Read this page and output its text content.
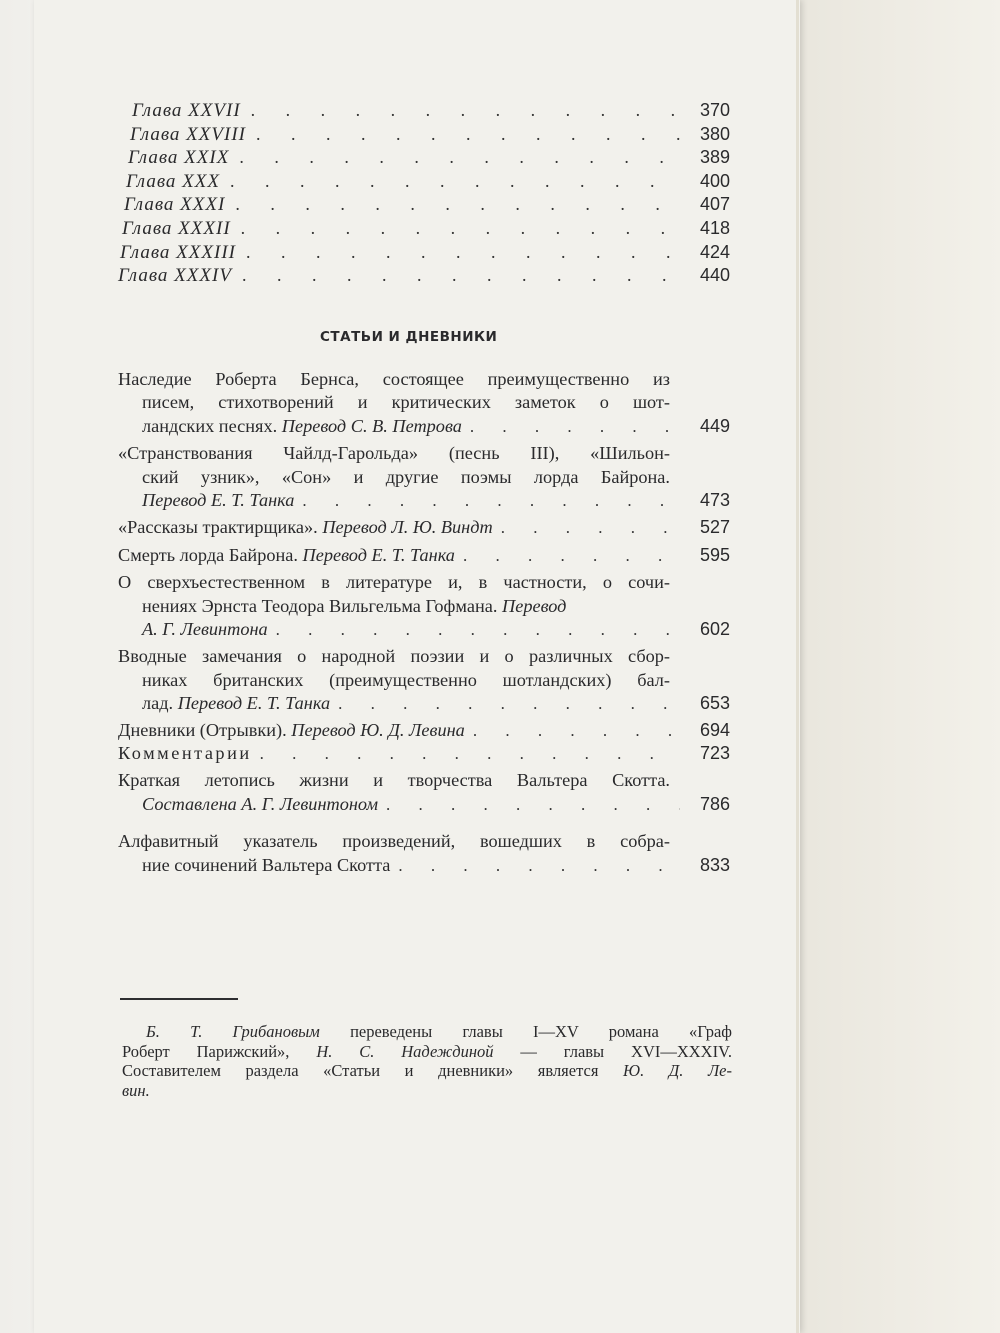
Глава XXVII . . .	370
Глава XXVIII . . .	380
Глава XXIX . . .	389
Глава XXX . . .	400
Глава XXXI . . .	407
Глава XXXII . . .	418
Глава XXXIII . . .	424
Глава XXXIV . . .	440
СТАТЬИ И ДНЕВНИКИ
Наследие Роберта Бернса, состоящее преимущественно из
писем, стихотворений и критических заметок о шот-
ландских песнях.
Перевод С. В. Петрова . . .	449
«Странствования Чайлд-Гарольда» (песнь III), «Шильон-
ский узник», «Сон» и другие поэмы лорда Байрона.
Перевод Е. Т. Танка . . .	473
«Рассказы трактирщика».
Перевод Л. Ю. Виндт . . .	527
Смерть лорда Байрона.
Перевод Е. Т. Танка . . .	595
О сверхъестественном в литературе и, в частности, о сочи-
нениях Эрнста Теодора Вильгельма Гофмана.
Перевод
А. Г. Левинтона . . .	602
Вводные замечания о народной поэзии и о различных сбор-
никах британских (преимущественно шотландских) бал-
лад.
Перевод Е. Т. Танка . . .	653
Дневники (Отрывки).
Перевод Ю. Д. Левина . . .	694
Комментарии . . .	723
Краткая летопись жизни и творчества Вальтера Скотта.
Составлена А. Г. Левинтоном . . .	786
Алфавитный указатель произведений, вошедших в собра-
ние сочинений Вальтера Скотта . . .	833
Б. Т. Грибановым переведены главы I—XV романа «Граф
Роберт Парижский», Н. С. Надеждиной — главы XVI—XXXIV.
Составителем раздела «Статьи и дневники» является Ю. Д. Ле-
вин.
